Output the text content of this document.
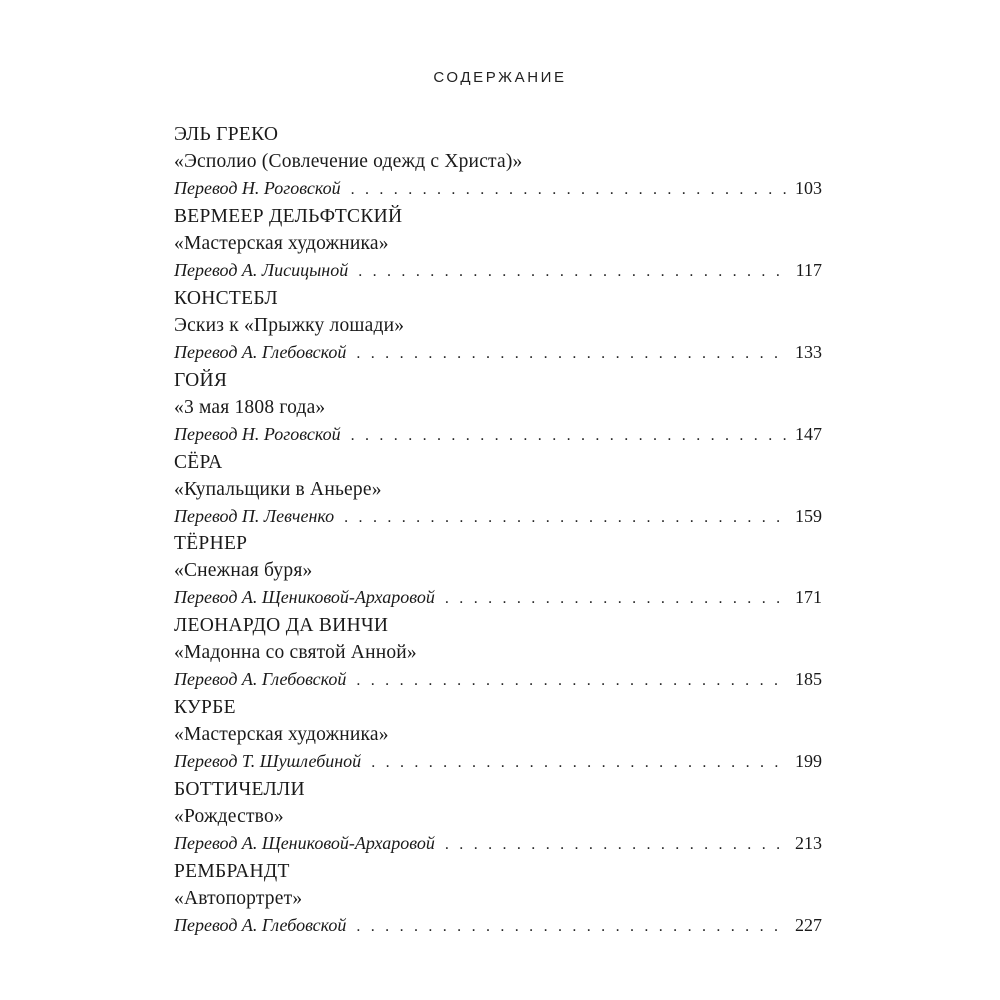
СОДЕРЖАНИЕ
ЭЛЬ ГРЕКО
«Эсполио (Совлечение одежд с Христа)»
Перевод Н. Роговской . . .	103
ВЕРМЕЕР ДЕЛЬФТСКИЙ
«Мастерская художника»
Перевод А. Лисицыной . . .	117
КОНСТЕБЛ
Эскиз к «Прыжку лошади»
Перевод А. Глебовской . . .	133
ГОЙЯ
«3 мая 1808 года»
Перевод Н. Роговской . . .	147
СЁРА
«Купальщики в Аньере»
Перевод П. Левченко . . .	159
ТЁРНЕР
«Снежная буря»
Перевод А. Щениковой-Архаровой . . .	171
ЛЕОНАРДО ДА ВИНЧИ
«Мадонна со святой Анной»
Перевод А. Глебовской . . .	185
КУРБЕ
«Мастерская художника»
Перевод Т. Шушлебиной . . .	199
БОТТИЧЕЛЛИ
«Рождество»
Перевод А. Щениковой-Архаровой . . .	213
РЕМБРАНДТ
«Автопортрет»
Перевод А. Глебовской . . .	227
